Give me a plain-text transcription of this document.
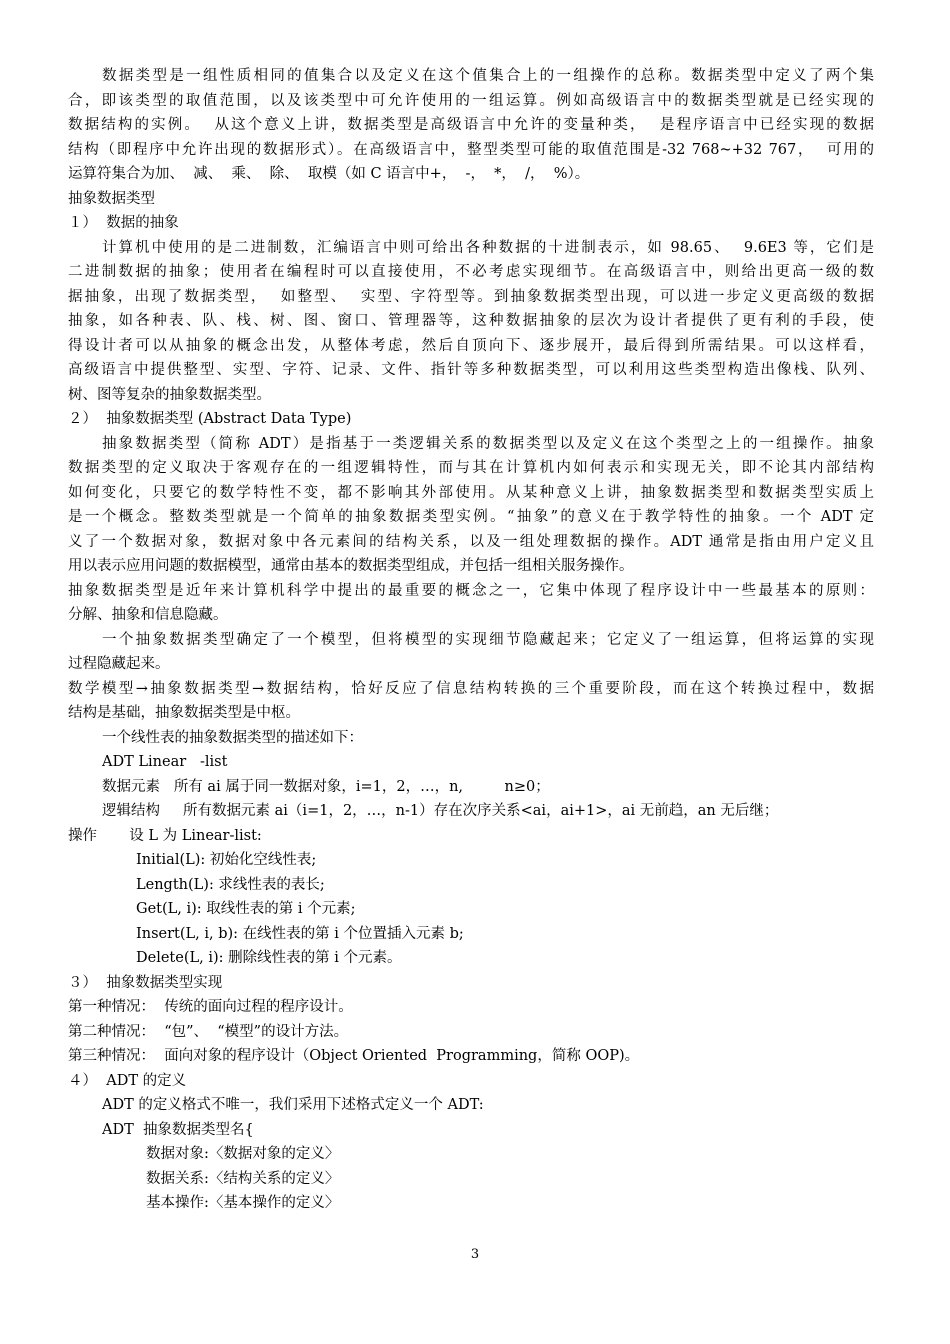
数据类型是一组性质相同的值集合以及定义在这个值集合上的一组操作的总称。数据类型中定义了两个集
合，即该类型的取值范围，以及该类型中可允许使用的一组运算。例如高级语言中的数据类型就是已经实现的
数据结构的实例。  从这个意义上讲，数据类型是高级语言中允许的变量种类，  是程序语言中已经实现的数据
结构（即程序中允许出现的数据形式）。在高级语言中，整型类型可能的取值范围是-32 768~+32 767，  可用的
运算符集合为加、  减、  乘、  除、  取模（如 C 语言中+，  -，  *，  /，  %）。
抽象数据类型
１）  数据的抽象
计算机中使用的是二进制数，汇编语言中则可给出各种数据的十进制表示，如 98.65、  9.6E3 等，它们是
二进制数据的抽象；使用者在编程时可以直接使用，不必考虑实现细节。在高级语言中，则给出更高一级的数
据抽象，出现了数据类型，  如整型、  实型、字符型等。到抽象数据类型出现，可以进一步定义更高级的数据
抽象，如各种表、队、栈、树、图、窗口、管理器等，这种数据抽象的层次为设计者提供了更有利的手段，使
得设计者可以从抽象的概念出发，从整体考虑，然后自顶向下、逐步展开，最后得到所需结果。可以这样看，
高级语言中提供整型、实型、字符、记录、文件、指针等多种数据类型，可以利用这些类型构造出像栈、队列、
树、图等复杂的抽象数据类型。
２）  抽象数据类型 (Abstract Data Type)
抽象数据类型（简称 ADT）是指基于一类逻辑关系的数据类型以及定义在这个类型之上的一组操作。抽象
数据类型的定义取决于客观存在的一组逻辑特性，而与其在计算机内如何表示和实现无关，即不论其内部结构
如何变化，只要它的数学特性不变，都不影响其外部使用。从某种意义上讲，抽象数据类型和数据类型实质上
是一个概念。整数类型就是一个简单的抽象数据类型实例。“抽象”的意义在于教学特性的抽象。一个 ADT 定
义了一个数据对象，数据对象中各元素间的结构关系，以及一组处理数据的操作。ADT 通常是指由用户定义且
用以表示应用问题的数据模型，通常由基本的数据类型组成，并包括一组相关服务操作。
抽象数据类型是近年来计算机科学中提出的最重要的概念之一，它集中体现了程序设计中一些最基本的原则：
分解、抽象和信息隐藏。
一个抽象数据类型确定了一个模型，但将模型的实现细节隐藏起来；它定义了一组运算，但将运算的实现
过程隐藏起来。
数学模型→抽象数据类型→数据结构，恰好反应了信息结构转换的三个重要阶段，而在这个转换过程中，数据
结构是基础，抽象数据类型是中枢。
一个线性表的抽象数据类型的描述如下：
ADT Linear   -list
数据元素   所有 ai 属于同一数据对象，i=1，2，…，n,         n≥0；
逻辑结构     所有数据元素 ai（i=1，2，…，n-1）存在次序关系<ai，ai+1>，ai 无前趋，an 无后继；
操作       设 L 为 Linear-list:
Initial(L): 初始化空线性表;
Length(L): 求线性表的表长;
Get(L, i): 取线性表的第 i 个元素;
Insert(L, i, b): 在线性表的第 i 个位置插入元素 b;
Delete(L, i): 删除线性表的第 i 个元素。
３）  抽象数据类型实现
第一种情况：  传统的面向过程的程序设计。
第二种情况：  “包”、  “模型”的设计方法。
第三种情况：  面向对象的程序设计（Object Oriented  Programming，简称 OOP)。
４）  ADT 的定义
ADT 的定义格式不唯一，我们采用下述格式定义一个 ADT:
ADT  抽象数据类型名{
数据对象:〈数据对象的定义〉
数据关系:〈结构关系的定义〉
基本操作:〈基本操作的定义〉
3
